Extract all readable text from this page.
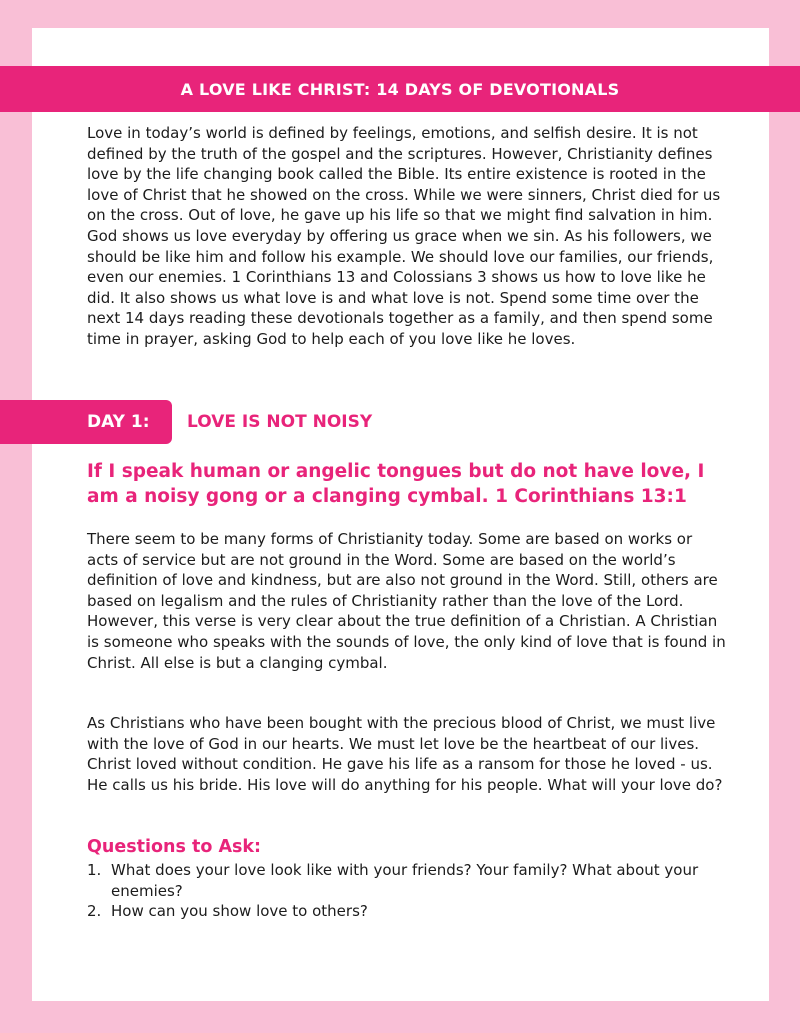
A LOVE LIKE CHRIST: 14 DAYS OF DEVOTIONALS

Love in today’s world is defined by feelings, emotions, and selfish desire. It is not defined by the truth of the gospel and the scriptures. However, Christianity defines love by the life changing book called the Bible. Its entire existence is rooted in the love of Christ that he showed on the cross. While we were sinners, Christ died for us on the cross. Out of love, he gave up his life so that we might find salvation in him. God shows us love everyday by offering us grace when we sin. As his followers, we should be like him and follow his example. We should love our families, our friends, even our enemies. 1 Corinthians 13 and Colossians 3 shows us how to love like he did. It also shows us what love is and what love is not. Spend some time over the next 14 days reading these devotionals together as a family, and then spend some time in prayer, asking God to help each of you love like he loves.

DAY 1: LOVE IS NOT NOISY

If I speak human or angelic tongues but do not have love, I am a noisy gong or a clanging cymbal. 1 Corinthians 13:1

There seem to be many forms of Christianity today. Some are based on works or acts of service but are not ground in the Word. Some are based on the world’s definition of love and kindness, but are also not ground in the Word. Still, others are based on legalism and the rules of Christianity rather than the love of the Lord. However, this verse is very clear about the true definition of a Christian. A Christian is someone who speaks with the sounds of love, the only kind of love that is found in Christ. All else is but a clanging cymbal.

As Christians who have been bought with the precious blood of Christ, we must live with the love of God in our hearts. We must let love be the heartbeat of our lives. Christ loved without condition. He gave his life as a ransom for those he loved - us. He calls us his bride. His love will do anything for his people. What will your love do?

Questions to Ask:
1. What does your love look like with your friends? Your family? What about your enemies?
2. How can you show love to others?
